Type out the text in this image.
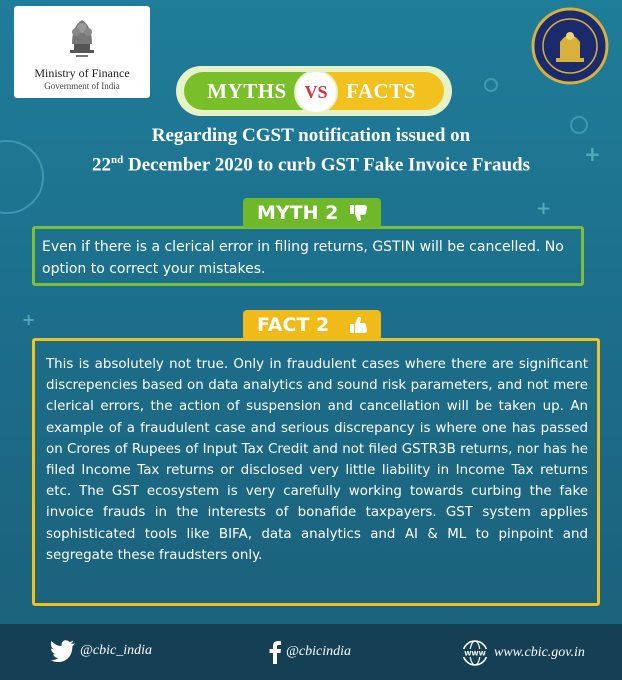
+
+
+
Ministry of Finance
Government of India	MYTHS	FACTS
VS
Regarding CGST notification issued on
22nd December 2020 to curb GST Fake Invoice Frauds
MYTH 2
Even if there is a clerical error in filing returns, GSTIN will be cancelled. No option to correct your mistakes.
FACT 2
This is absolutely not true. Only in fraudulent cases where there are significant discrepencies based on data analytics and sound risk parameters, and not mere clerical errors, the action of suspension and cancellation will be taken up. An example of a fraudulent case and serious discrepancy is where one has passed on Crores of Rupees of Input Tax Credit and not filed GSTR3B returns, nor has he filed Income Tax returns or disclosed very little liability in Income Tax returns etc. The GST ecosystem is very carefully working towards curbing the fake invoice frauds in the interests of bonafide taxpayers. GST system applies sophisticated tools like BIFA, data analytics and AI & ML to pinpoint and segregate these fraudsters only.
@cbic_india	@cbicindia	WWW www.cbic.gov.in
